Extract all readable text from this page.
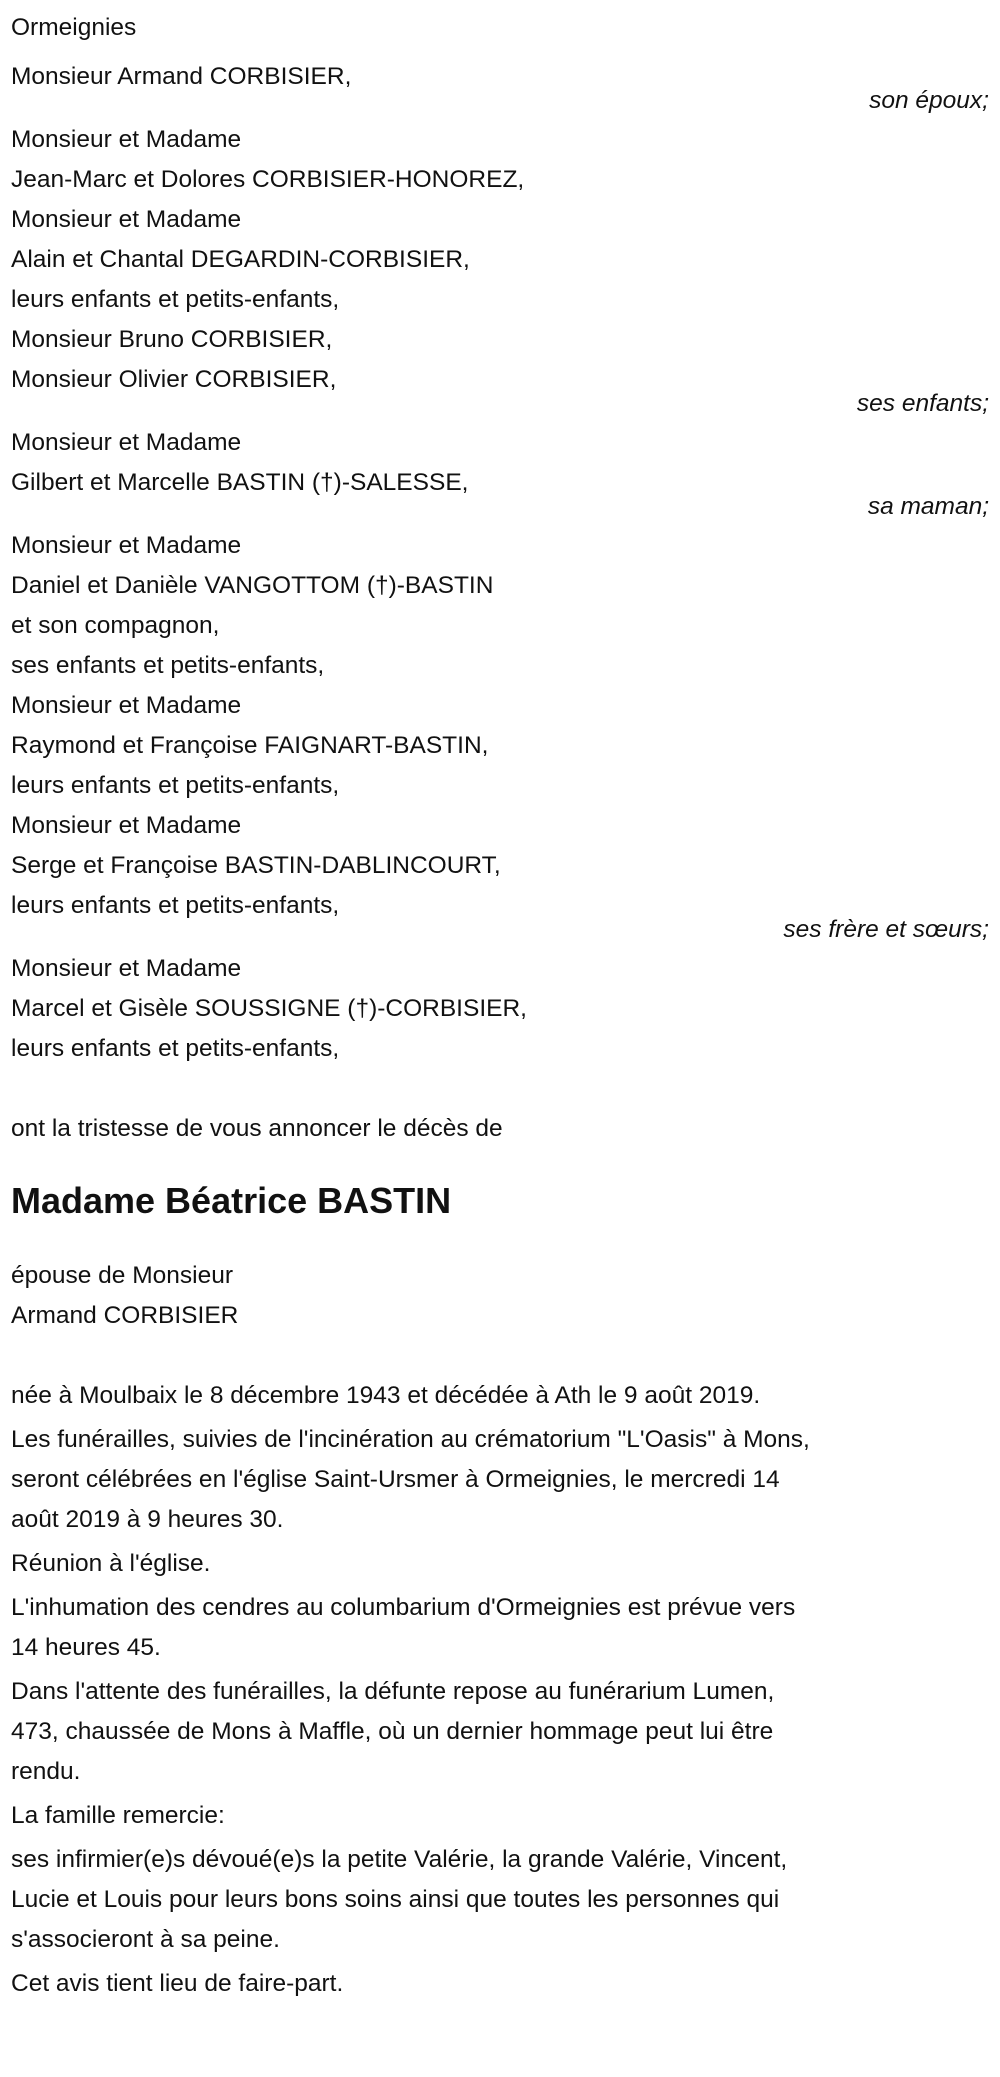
Ormeignies
Monsieur Armand CORBISIER,
son époux;
Monsieur et Madame
Jean-Marc et Dolores CORBISIER-HONOREZ,
Monsieur et Madame
Alain et Chantal DEGARDIN-CORBISIER,
leurs enfants et petits-enfants,
Monsieur Bruno CORBISIER,
Monsieur Olivier CORBISIER,
ses enfants;
Monsieur et Madame
Gilbert et Marcelle BASTIN (†)-SALESSE,
sa maman;
Monsieur et Madame
Daniel et Danièle VANGOTTOM (†)-BASTIN
et son compagnon,
ses enfants et petits-enfants,
Monsieur et Madame
Raymond et Françoise FAIGNART-BASTIN,
leurs enfants et petits-enfants,
Monsieur et Madame
Serge et Françoise BASTIN-DABLINCOURT,
leurs enfants et petits-enfants,
ses frère et sœurs;
Monsieur et Madame
Marcel et Gisèle SOUSSIGNE (†)-CORBISIER,
leurs enfants et petits-enfants,
ont la tristesse de vous annoncer le décès de
Madame Béatrice BASTIN
épouse de Monsieur
Armand CORBISIER
née à Moulbaix le 8 décembre 1943 et décédée à Ath le 9 août 2019.
Les funérailles, suivies de l'incinération au crématorium "L'Oasis" à Mons,
seront célébrées en l'église Saint-Ursmer à Ormeignies, le mercredi 14
août 2019 à 9 heures 30.
Réunion à l'église.
L'inhumation des cendres au columbarium d'Ormeignies est prévue vers
14 heures 45.
Dans l'attente des funérailles, la défunte repose au funérarium Lumen,
473, chaussée de Mons à Maffle, où un dernier hommage peut lui être
rendu.
La famille remercie:
ses infirmier(e)s dévoué(e)s la petite Valérie, la grande Valérie, Vincent,
Lucie et Louis pour leurs bons soins ainsi que toutes les personnes qui
s'associeront à sa peine.
Cet avis tient lieu de faire-part.
